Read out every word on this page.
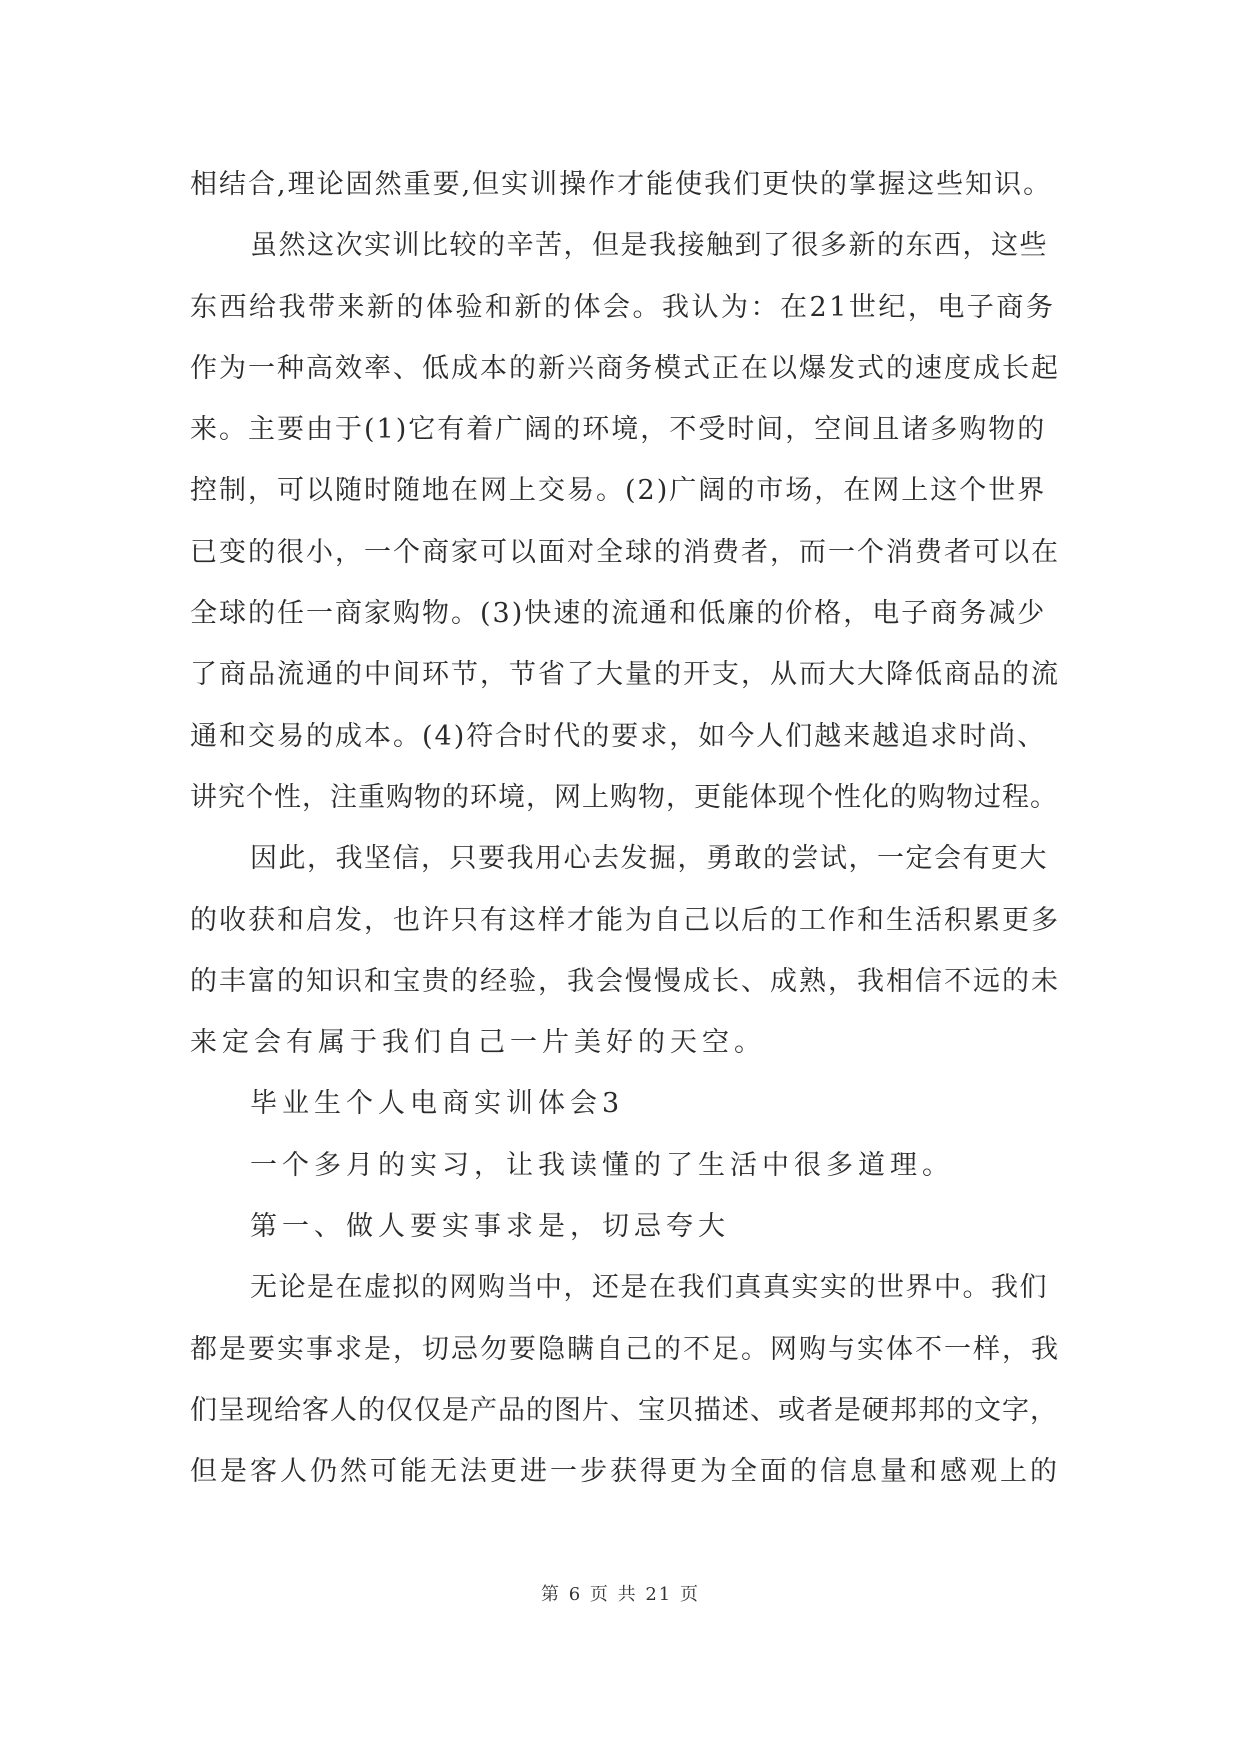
相结合,理论固然重要,但实训操作才能使我们更快的掌握这些知识。
虽然这次实训比较的辛苦，但是我接触到了很多新的东西，这些
东西给我带来新的体验和新的体会。我认为：在21世纪，电子商务
作为一种高效率、低成本的新兴商务模式正在以爆发式的速度成长起
来。主要由于(1)它有着广阔的环境，不受时间，空间且诸多购物的
控制，可以随时随地在网上交易。(2)广阔的市场，在网上这个世界
已变的很小，一个商家可以面对全球的消费者，而一个消费者可以在
全球的任一商家购物。(3)快速的流通和低廉的价格，电子商务减少
了商品流通的中间环节，节省了大量的开支，从而大大降低商品的流
通和交易的成本。(4)符合时代的要求，如今人们越来越追求时尚、
讲究个性，注重购物的环境，网上购物，更能体现个性化的购物过程。
因此，我坚信，只要我用心去发掘，勇敢的尝试，一定会有更大
的收获和启发，也许只有这样才能为自己以后的工作和生活积累更多
的丰富的知识和宝贵的经验，我会慢慢成长、成熟，我相信不远的未
来定会有属于我们自己一片美好的天空。
毕业生个人电商实训体会3
一个多月的实习，让我读懂的了生活中很多道理。
第一、做人要实事求是，切忌夸大
无论是在虚拟的网购当中，还是在我们真真实实的世界中。我们
都是要实事求是，切忌勿要隐瞒自己的不足。网购与实体不一样，我
们呈现给客人的仅仅是产品的图片、宝贝描述、或者是硬邦邦的文字，
但是客人仍然可能无法更进一步获得更为全面的信息量和感观上的
第 6 页 共 21 页
